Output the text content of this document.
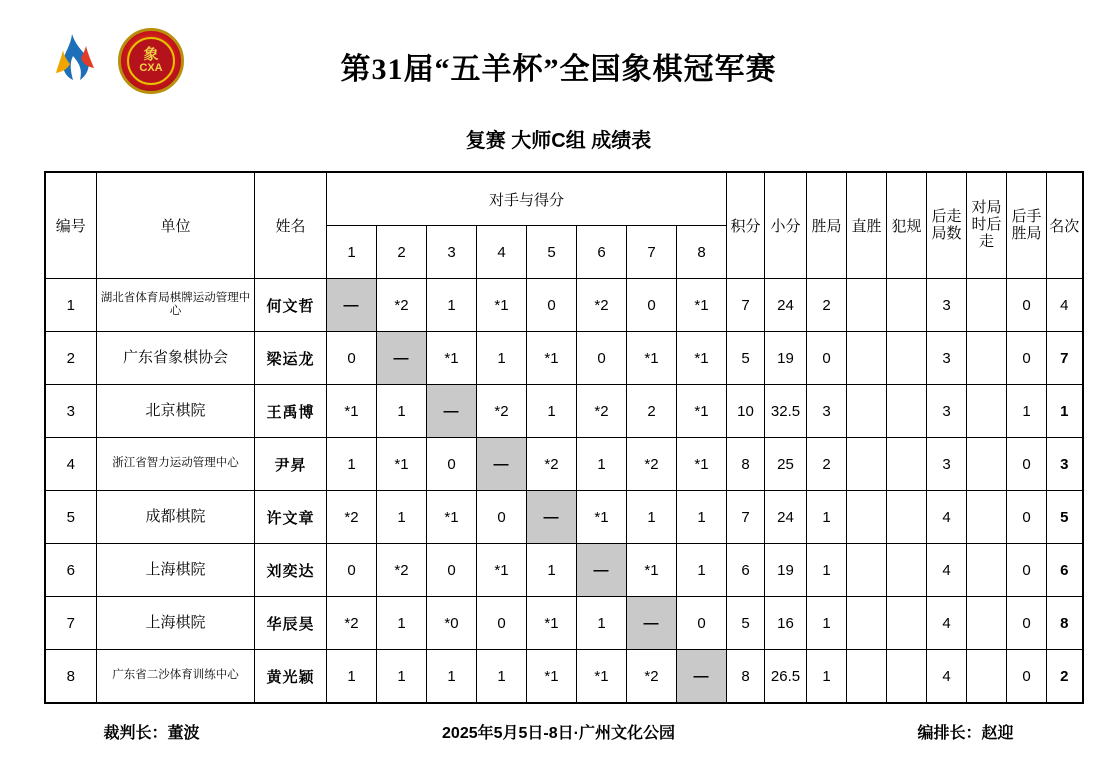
象
CXA	第31届“五羊杯”全国象棋冠军赛
复赛 大师C组 成绩表
编号	单位	姓名	对手与得分								积分	小分	胜局	直胜	犯规	后走局数	对局时后走	后手胜局	名次
			1	2	3	4	5	6	7	8									
1	湖北省体育局棋牌运动管理中心	何文哲	—	*2	1	*1	0	*2	0	*1	7	24	2			3		0	4
2	广东省象棋协会	梁运龙	0	—	*1	1	*1	0	*1	*1	5	19	0			3		0	7
3	北京棋院	王禹博	*1	1	—	*2	1	*2	2	*1	10	32.5	3			3		1	1
4	浙江省智力运动管理中心	尹昇	1	*1	0	—	*2	1	*2	*1	8	25	2			3		0	3
5	成都棋院	许文章	*2	1	*1	0	—	*1	1	1	7	24	1			4		0	5
6	上海棋院	刘奕达	0	*2	0	*1	1	—	*1	1	6	19	1			4		0	6
7	上海棋院	华辰昊	*2	1	*0	0	*1	1	—	0	5	16	1			4		0	8
8	广东省二沙体育训练中心	黄光颖	1	1	1	1	*1	*1	*2	—	8	26.5	1			4		0	2
裁判长：董波	2025年5月5日-8日·广州文化公园	编排长：赵迎
